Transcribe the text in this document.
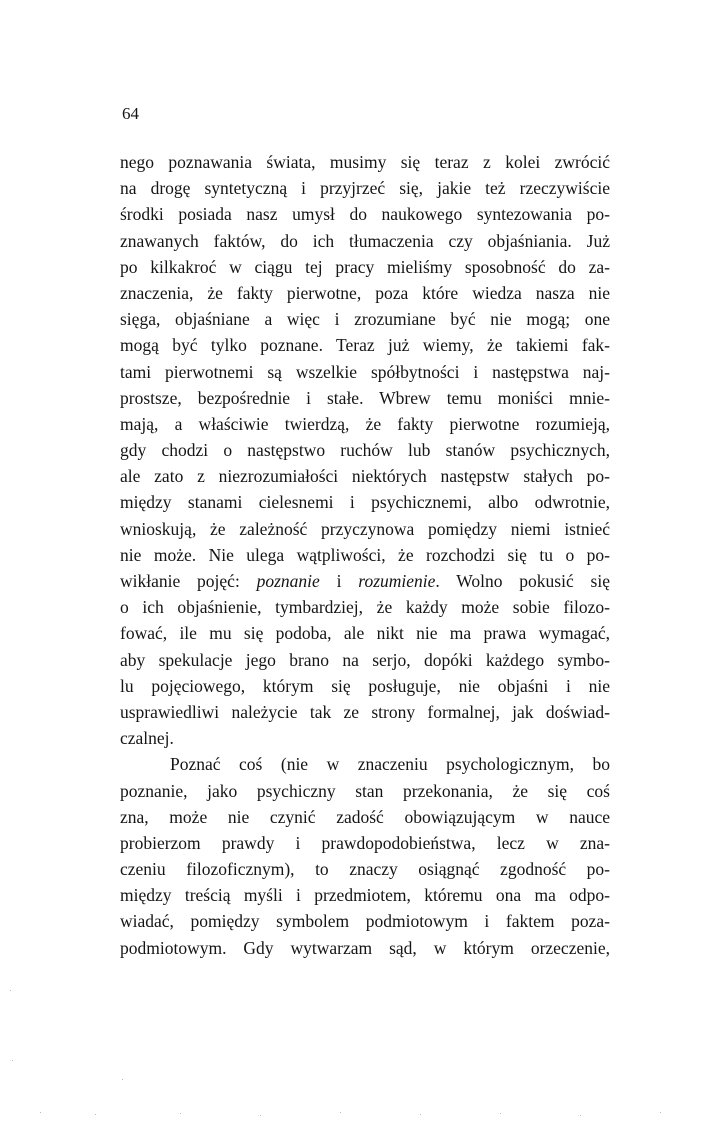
64
nego poznawania świata, musimy się teraz z kolei zwrócić
na drogę syntetyczną i przyjrzeć się, jakie też rzeczywiście
środki posiada nasz umysł do naukowego syntezowania po-
znawanych faktów, do ich tłumaczenia czy objaśniania. Już
po kilkakroć w ciągu tej pracy mieliśmy sposobność do za-
znaczenia, że fakty pierwotne, poza które wiedza nasza nie
sięga, objaśniane a więc i zrozumiane być nie mogą; one
mogą być tylko poznane. Teraz już wiemy, że takiemi fak-
tami pierwotnemi są wszelkie spółbytności i następstwa naj-
prostsze, bezpośrednie i stałe. Wbrew temu moniści mnie-
mają, a właściwie twierdzą, że fakty pierwotne rozumieją,
gdy chodzi o następstwo ruchów lub stanów psychicznych,
ale zato z niezrozumiałości niektórych następstw stałych po-
między stanami cielesnemi i psychicznemi, albo odwrotnie,
wnioskują, że zależność przyczynowa pomiędzy niemi istnieć
nie może. Nie ulega wątpliwości, że rozchodzi się tu o po-
wikłanie pojęć: poznanie i rozumienie. Wolno pokusić się
o ich objaśnienie, tymbardziej, że każdy może sobie filozo-
fować, ile mu się podoba, ale nikt nie ma prawa wymagać,
aby spekulacje jego brano na serjo, dopóki każdego symbo-
lu pojęciowego, którym się posługuje, nie objaśni i nie
usprawiedliwi należycie tak ze strony formalnej, jak doświad-
czalnej.
Poznać coś (nie w znaczeniu psychologicznym, bo
poznanie, jako psychiczny stan przekonania, że się coś
zna, może nie czynić zadość obowiązującym w nauce
probierzom prawdy i prawdopodobieństwa, lecz w zna-
czeniu filozoficznym), to znaczy osiągnąć zgodność po-
między treścią myśli i przedmiotem, któremu ona ma odpo-
wiadać, pomiędzy symbolem podmiotowym i faktem poza-
podmiotowym. Gdy wytwarzam sąd, w którym orzeczenie,
